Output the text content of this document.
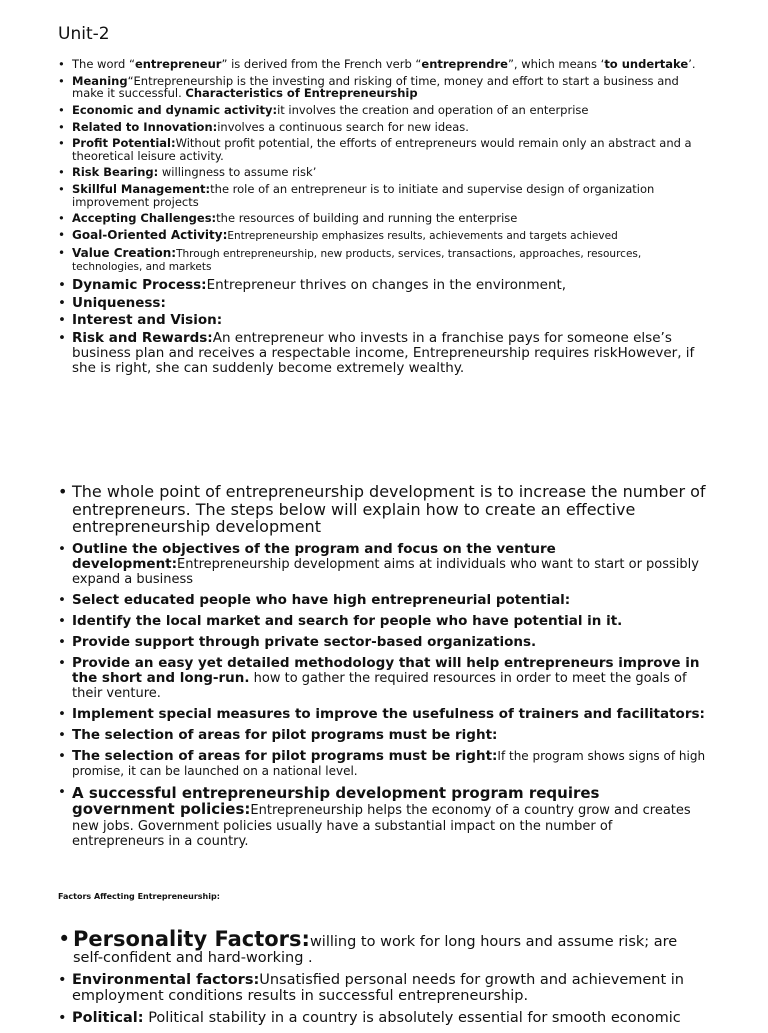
Unit-2
• The word “entrepreneur” is derived from the French verb “entreprendre”, which means ‘to undertake’.
• Meaning“Entrepreneurship is the investing and risking of time, money and effort to start a business and make it successful. Characteristics of Entrepreneurship
• Economic and dynamic activity:it involves the creation and operation of an enterprise
• Related to Innovation:involves a continuous search for new ideas.
• Profit Potential:Without profit potential, the efforts of entrepreneurs would remain only an abstract and a theoretical leisure activity.
• Risk Bearing: willingness to assume risk’
• Skillful Management:the role of an entrepreneur is to initiate and supervise design of organization improvement projects
• Accepting Challenges:the resources of building and running the enterprise
• Goal-Oriented Activity:Entrepreneurship emphasizes results, achievements and targets achieved
• Value Creation:Through entrepreneurship, new products, services, transactions, approaches, resources, technologies, and markets
• Dynamic Process:Entrepreneur thrives on changes in the environment,
• Uniqueness:
• Interest and Vision:
• Risk and Rewards:An entrepreneur who invests in a franchise pays for someone else’s business plan and receives a respectable income, Entrepreneurship requires riskHowever, if she is right, she can suddenly become extremely wealthy.
• The whole point of entrepreneurship development is to increase the number of entrepreneurs. The steps below will explain how to create an effective entrepreneurship development
• Outline the objectives of the program and focus on the venture development:Entrepreneurship development aims at individuals who want to start or possibly expand a business
• Select educated people who have high entrepreneurial potential:
• Identify the local market and search for people who have potential in it.
• Provide support through private sector-based organizations.
• Provide an easy yet detailed methodology that will help entrepreneurs improve in the short and long-run. how to gather the required resources in order to meet the goals of their venture.
• Implement special measures to improve the usefulness of trainers and facilitators:
• The selection of areas for pilot programs must be right:
• The selection of areas for pilot programs must be right:If the program shows signs of high promise, it can be launched on a national level.
• A successful entrepreneurship development program requires government policies:Entrepreneurship helps the economy of a country grow and creates new jobs. Government policies usually have a substantial impact on the number of entrepreneurs in a country.
Factors Affecting Entrepreneurship:
• Personality Factors:willing to work for long hours and assume risk; are self-confident and hard-working .
• Environmental factors:Unsatisfied personal needs for growth and achievement in employment conditions results in successful entrepreneurship.
• Political: Political stability in a country is absolutely essential for smooth economic
